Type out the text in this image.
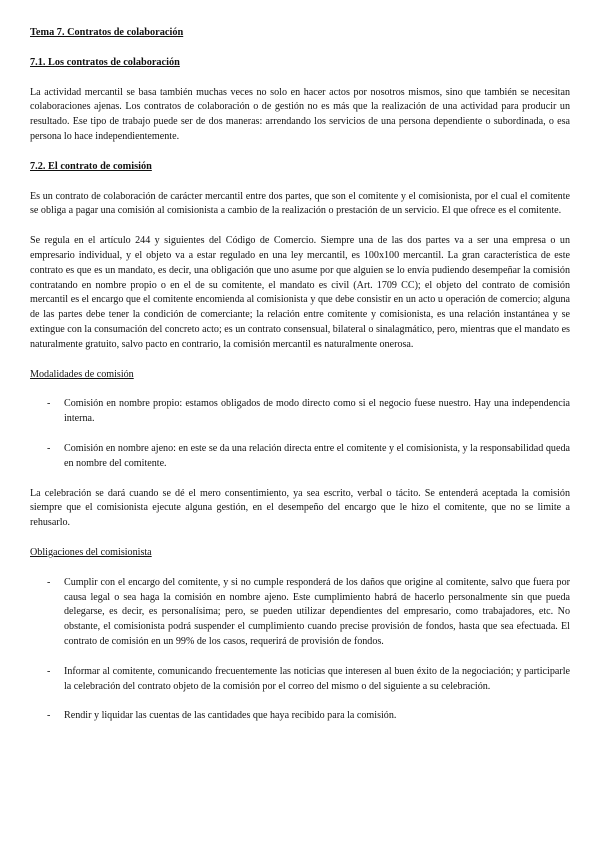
Tema 7. Contratos de colaboración

7.1. Los contratos de colaboración

La actividad mercantil se basa también muchas veces no solo en hacer actos por nosotros mismos, sino que también se necesitan colaboraciones ajenas. Los contratos de colaboración o de gestión no es más que la realización de una actividad para producir un resultado. Ese tipo de trabajo puede ser de dos maneras: arrendando los servicios de una persona dependiente o subordinada, o esa persona lo hace independientemente.

7.2. El contrato de comisión

Es un contrato de colaboración de carácter mercantil entre dos partes, que son el comitente y el comisionista, por el cual el comitente se obliga a pagar una comisión al comisionista a cambio de la realización o prestación de un servicio. El que ofrece es el comitente.

Se regula en el artículo 244 y siguientes del Código de Comercio. Siempre una de las dos partes va a ser una empresa o un empresario individual, y el objeto va a estar regulado en una ley mercantil, es 100x100 mercantil. La gran característica de este contrato es que es un mandato, es decir, una obligación que uno asume por que alguien se lo envía pudiendo desempeñar la comisión contratando en nombre propio o en el de su comitente, el mandato es civil (Art. 1709 CC); el objeto del contrato de comisión mercantil es el encargo que el comitente encomienda al comisionista y que debe consistir en un acto u operación de comercio; alguna de las partes debe tener la condición de comerciante; la relación entre comitente y comisionista, es una relación instantánea y se extingue con la consumación del concreto acto; es un contrato consensual, bilateral o sinalagmático, pero, mientras que el mandato es naturalmente gratuito, salvo pacto en contrario, la comisión mercantil es naturalmente onerosa.

Modalidades de comisión

- Comisión en nombre propio: estamos obligados de modo directo como si el negocio fuese nuestro. Hay una independencia interna.

- Comisión en nombre ajeno: en este se da una relación directa entre el comitente y el comisionista, y la responsabilidad queda en nombre del comitente.

La celebración se dará cuando se dé el mero consentimiento, ya sea escrito, verbal o tácito. Se entenderá aceptada la comisión siempre que el comisionista ejecute alguna gestión, en el desempeño del encargo que le hizo el comitente, que no se limite a rehusarlo.

Obligaciones del comisionista

- Cumplir con el encargo del comitente, y si no cumple responderá de los daños que origine al comitente, salvo que fuera por causa legal o sea haga la comisión en nombre ajeno. Este cumplimiento habrá de hacerlo personalmente sin que pueda delegarse, es decir, es personalísima; pero, se pueden utilizar dependientes del empresario, como trabajadores, etc. No obstante, el comisionista podrá suspender el cumplimiento cuando precise provisión de fondos, hasta que sea efectuada. El contrato de comisión en un 99% de los casos, requerirá de provisión de fondos.

- Informar al comitente, comunicando frecuentemente las noticias que interesen al buen éxito de la negociación; y participarle la celebración del contrato objeto de la comisión por el correo del mismo o del siguiente a su celebración.

- Rendir y liquidar las cuentas de las cantidades que haya recibido para la comisión.
